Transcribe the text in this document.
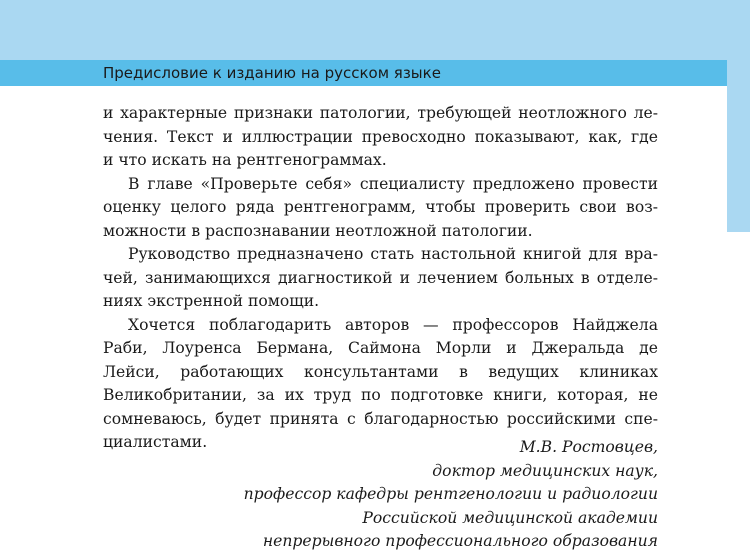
Предисловие к изданию на русском языке
и характерные признаки патологии, требующей неотложного ле-
чения. Текст и иллюстрации превосходно показывают, как, где
и что искать на рентгенограммах.
В главе «Проверьте себя» специалисту предложено провести
оценку целого ряда рентгенограмм, чтобы проверить свои воз-
можности в распознавании неотложной патологии.
Руководство предназначено стать настольной книгой для вра-
чей, занимающихся диагностикой и лечением больных в отделе-
ниях экстренной помощи.
Хочется поблагодарить авторов — профессоров Найджела
Раби, Лоуренса Бермана, Саймона Морли и Джеральда де
Лейси, работающих консультантами в ведущих клиниках
Великобритании, за их труд по подготовке книги, которая, не
сомневаюсь, будет принята с благодарностью российскими спе-
циалистами.	М.В. Ростовцев,
доктор медицинских наук,
профессор кафедры рентгенологии и радиологии
Российской медицинской академии
непрерывного профессионального образования
